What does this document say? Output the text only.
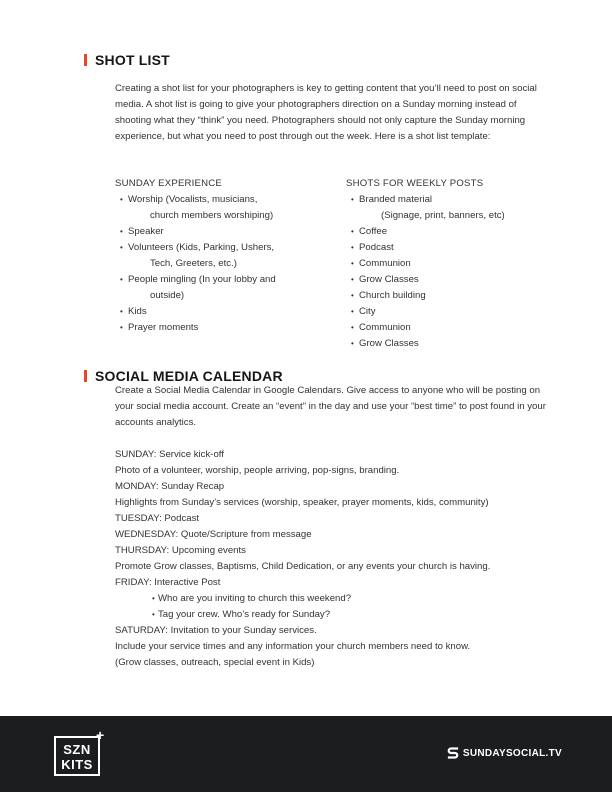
SHOT LIST

Creating a shot list for your photographers is key to getting content that you’ll need to post on social media. A shot list is going to give your photographers direction on a Sunday morning instead of shooting what they “think” you need. Photographers should not only capture the Sunday morning experience, but what you need to post through out the week. Here is a shot list template:

SUNDAY EXPERIENCE
• Worship (Vocalists, musicians,
church members worshiping)
• Speaker
• Volunteers (Kids, Parking, Ushers,
Tech, Greeters, etc.)
• People mingling (In your lobby and
outside)
• Kids
• Prayer moments
SHOTS FOR WEEKLY POSTS
• Branded material
(Signage, print, banners, etc)
• Coffee
• Podcast
• Communion
• Grow Classes
• Church building
• City
• Communion
• Grow Classes
SOCIAL MEDIA CALENDAR

Create a Social Media Calendar in Google Calendars. Give access to anyone who will be posting on your social media account. Create an “event” in the day and use your “best time” to post found in your accounts analytics.

SUNDAY: Service kick-off
Photo of a volunteer, worship, people arriving, pop-signs, branding.
MONDAY: Sunday Recap
Highlights from Sunday’s services (worship, speaker, prayer moments, kids, community)
TUESDAY: Podcast
WEDNESDAY: Quote/Scripture from message
THURSDAY: Upcoming events
Promote Grow classes, Baptisms, Child Dedication, or any events your church is having.
FRIDAY: Interactive Post
• Who are you inviting to church this weekend?
• Tag your crew. Who’s ready for Sunday?
SATURDAY: Invitation to your Sunday services.
Include your service times and any information your church members need to know.
(Grow classes, outreach, special event in Kids)
SZN
KITS
+
SUNDAYSOCIAL.TV
